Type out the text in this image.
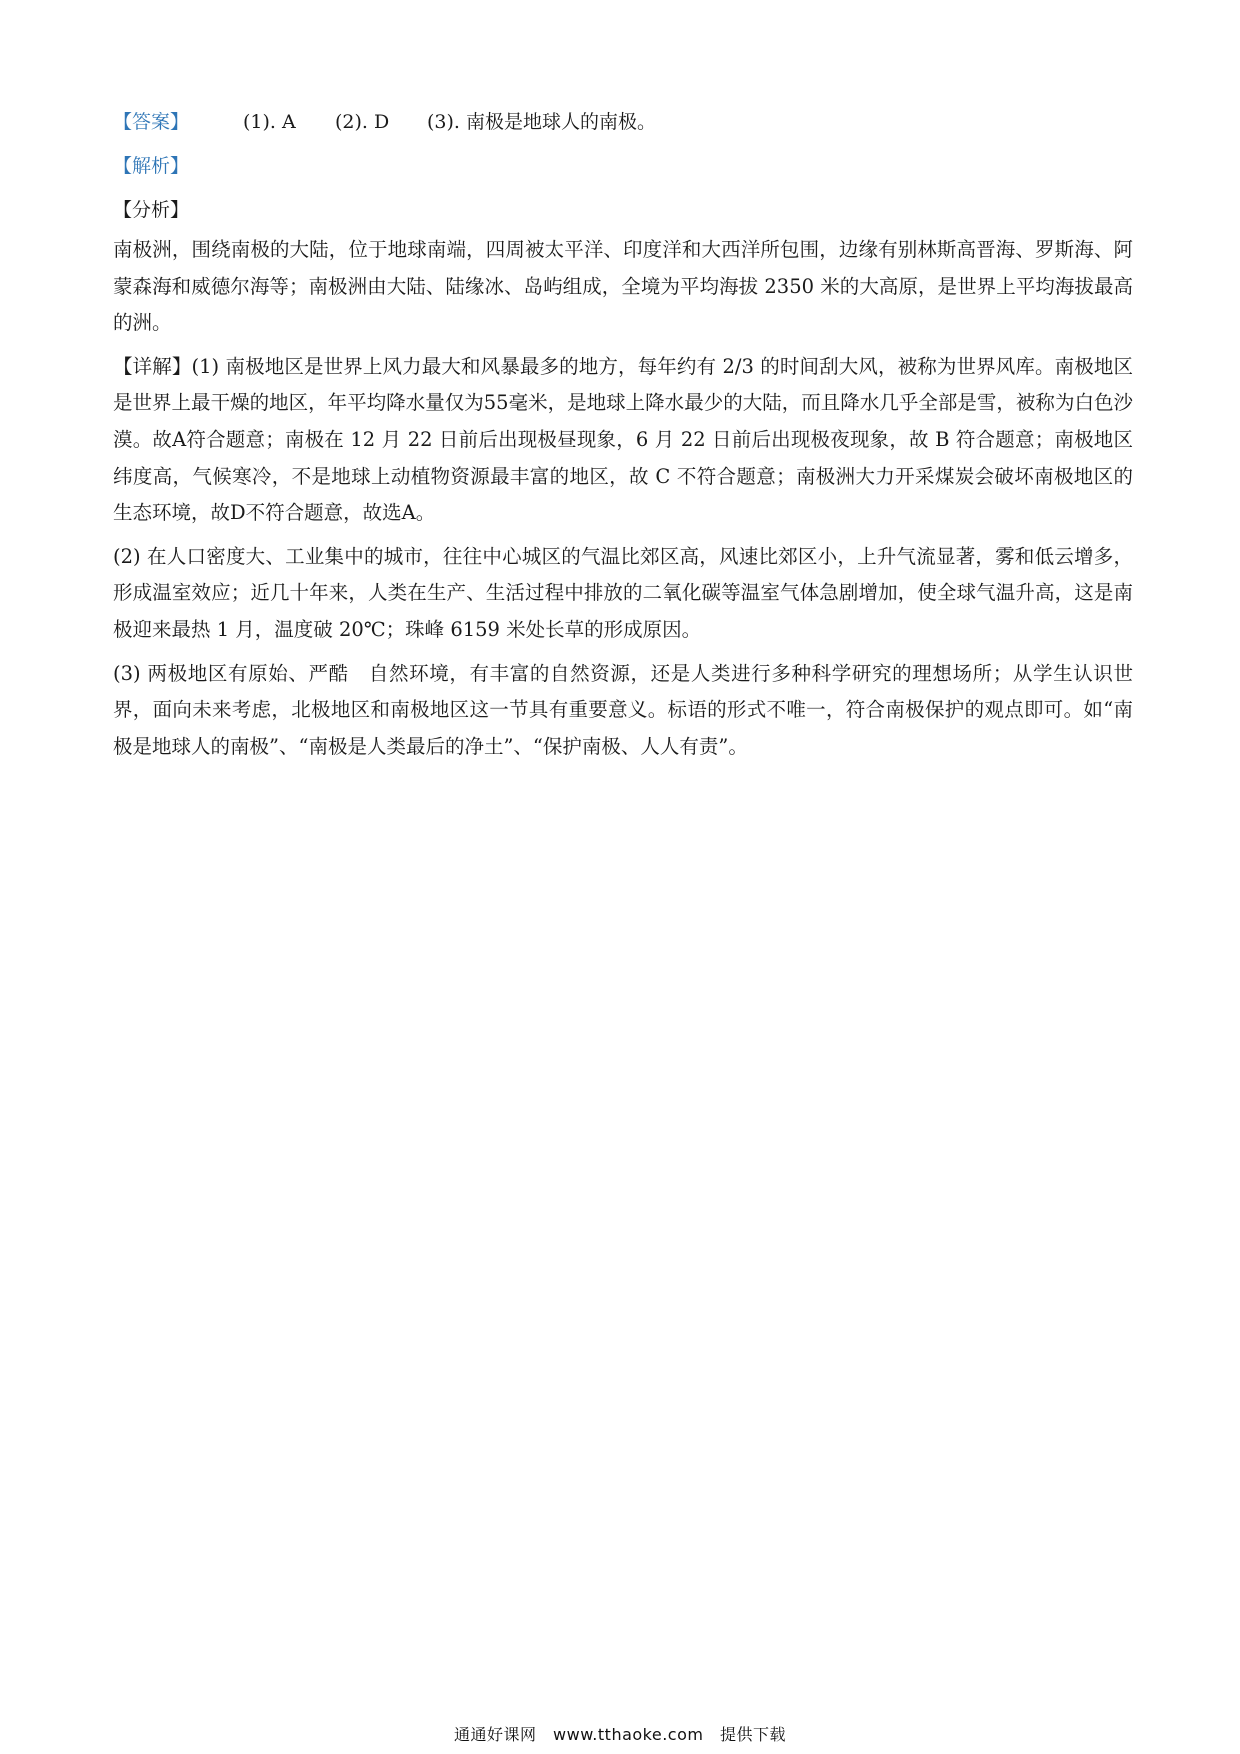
【答案】	(1). A (2). D (3). 南极是地球人的南极。
【解析】
【分析】

南极洲，围绕南极的大陆，位于地球南端，四周被太平洋、印度洋和大西洋所包围，边缘有别林斯高晋海、罗斯海、阿蒙森海和威德尔海等；南极洲由大陆、陆缘冰、岛屿组成，全境为平均海拔 2350 米的大高原，是世界上平均海拔最高的洲。

【详解】(1) 南极地区是世界上风力最大和风暴最多的地方，每年约有 2/3 的时间刮大风，被称为世界风库。南极地区是世界上最干燥的地区，年平均降水量仅为55毫米，是地球上降水最少的大陆，而且降水几乎全部是雪，被称为白色沙漠。故A符合题意；南极在 12 月 22 日前后出现极昼现象，6 月 22 日前后出现极夜现象，故 B 符合题意；南极地区纬度高，气候寒冷，不是地球上动植物资源最丰富的地区，故 C 不符合题意；南极洲大力开采煤炭会破坏南极地区的生态环境，故D不符合题意，故选A。

(2) 在人口密度大、工业集中的城市，往往中心城区的气温比郊区高，风速比郊区小，上升气流显著，雾和低云增多，形成温室效应；近几十年来，人类在生产、生活过程中排放的二氧化碳等温室气体急剧增加，使全球气温升高，这是南极迎来最热 1 月，温度破 20℃；珠峰 6159 米处长草的形成原因。

(3) 两极地区有原始、严酷　自然环境，有丰富的自然资源，还是人类进行多种科学研究的理想场所；从学生认识世界，面向未来考虑，北极地区和南极地区这一节具有重要意义。标语的形式不唯一，符合南极保护的观点即可。如“南极是地球人的南极”、“南极是人类最后的净土”、“保护南极、人人有责”。

通通好课网　www.tthaoke.com　提供下载
